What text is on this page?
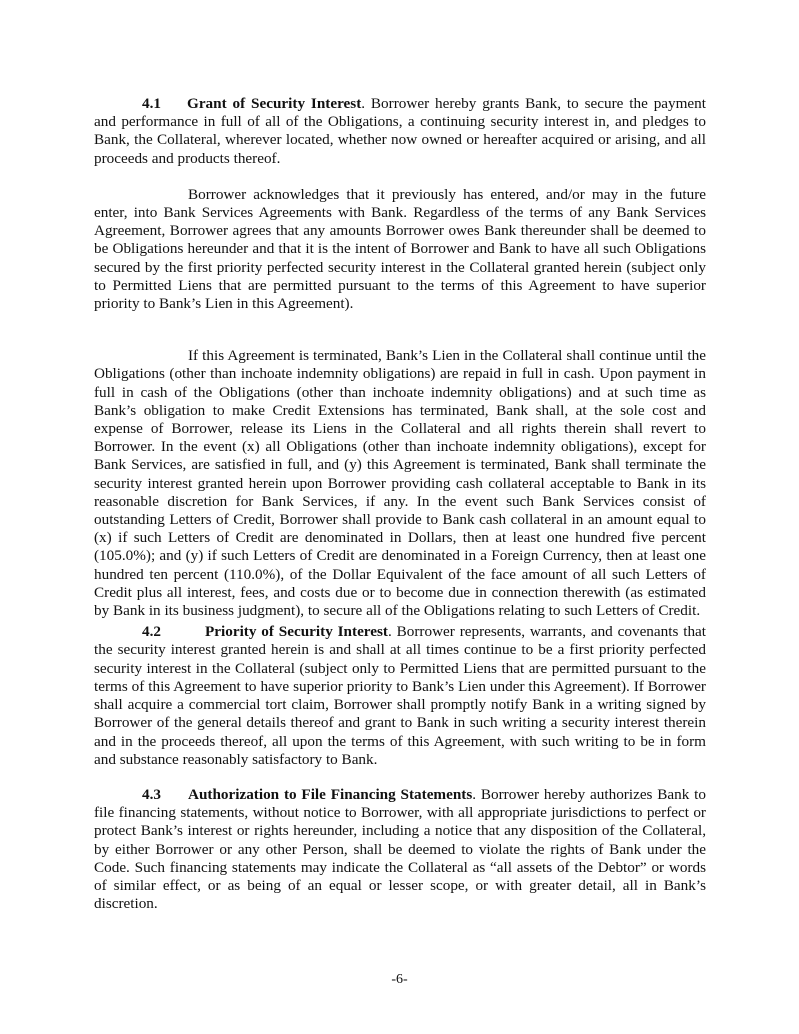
4.1 Grant of Security Interest. Borrower hereby grants Bank, to secure the payment and performance in full of all of the Obligations, a continuing security interest in, and pledges to Bank, the Collateral, wherever located, whether now owned or hereafter acquired or arising, and all proceeds and products thereof.

Borrower acknowledges that it previously has entered, and/or may in the future enter, into Bank Services Agreements with Bank. Regardless of the terms of any Bank Services Agreement, Borrower agrees that any amounts Borrower owes Bank thereunder shall be deemed to be Obligations hereunder and that it is the intent of Borrower and Bank to have all such Obligations secured by the first priority perfected security interest in the Collateral granted herein (subject only to Permitted Liens that are permitted pursuant to the terms of this Agreement to have superior priority to Bank’s Lien in this Agreement).

If this Agreement is terminated, Bank’s Lien in the Collateral shall continue until the Obligations (other than inchoate indemnity obligations) are repaid in full in cash. Upon payment in full in cash of the Obligations (other than inchoate indemnity obligations) and at such time as Bank’s obligation to make Credit Extensions has terminated, Bank shall, at the sole cost and expense of Borrower, release its Liens in the Collateral and all rights therein shall revert to Borrower. In the event (x) all Obligations (other than inchoate indemnity obligations), except for Bank Services, are satisfied in full, and (y) this Agreement is terminated, Bank shall terminate the security interest granted herein upon Borrower providing cash collateral acceptable to Bank in its reasonable discretion for Bank Services, if any. In the event such Bank Services consist of outstanding Letters of Credit, Borrower shall provide to Bank cash collateral in an amount equal to (x) if such Letters of Credit are denominated in Dollars, then at least one hundred five percent (105.0%); and (y) if such Letters of Credit are denominated in a Foreign Currency, then at least one hundred ten percent (110.0%), of the Dollar Equivalent of the face amount of all such Letters of Credit plus all interest, fees, and costs due or to become due in connection therewith (as estimated by Bank in its business judgment), to secure all of the Obligations relating to such Letters of Credit.

4.2	Priority of Security Interest. Borrower represents, warrants, and covenants that the security interest granted herein is and shall at all times continue to be a first priority perfected security interest in the Collateral (subject only to Permitted Liens that are permitted pursuant to the terms of this Agreement to have superior priority to Bank’s Lien under this Agreement). If Borrower shall acquire a commercial tort claim, Borrower shall promptly notify Bank in a writing signed by Borrower of the general details thereof and grant to Bank in such writing a security interest therein and in the proceeds thereof, all upon the terms of this Agreement, with such writing to be in form and substance reasonably satisfactory to Bank.

4.3 Authorization to File Financing Statements. Borrower hereby authorizes Bank to file financing statements, without notice to Borrower, with all appropriate jurisdictions to perfect or protect Bank’s interest or rights hereunder, including a notice that any disposition of the Collateral, by either Borrower or any other Person, shall be deemed to violate the rights of Bank under the Code. Such financing statements may indicate the Collateral as “all assets of the Debtor” or words of similar effect, or as being of an equal or lesser scope, or with greater detail, all in Bank’s discretion.

-6-
